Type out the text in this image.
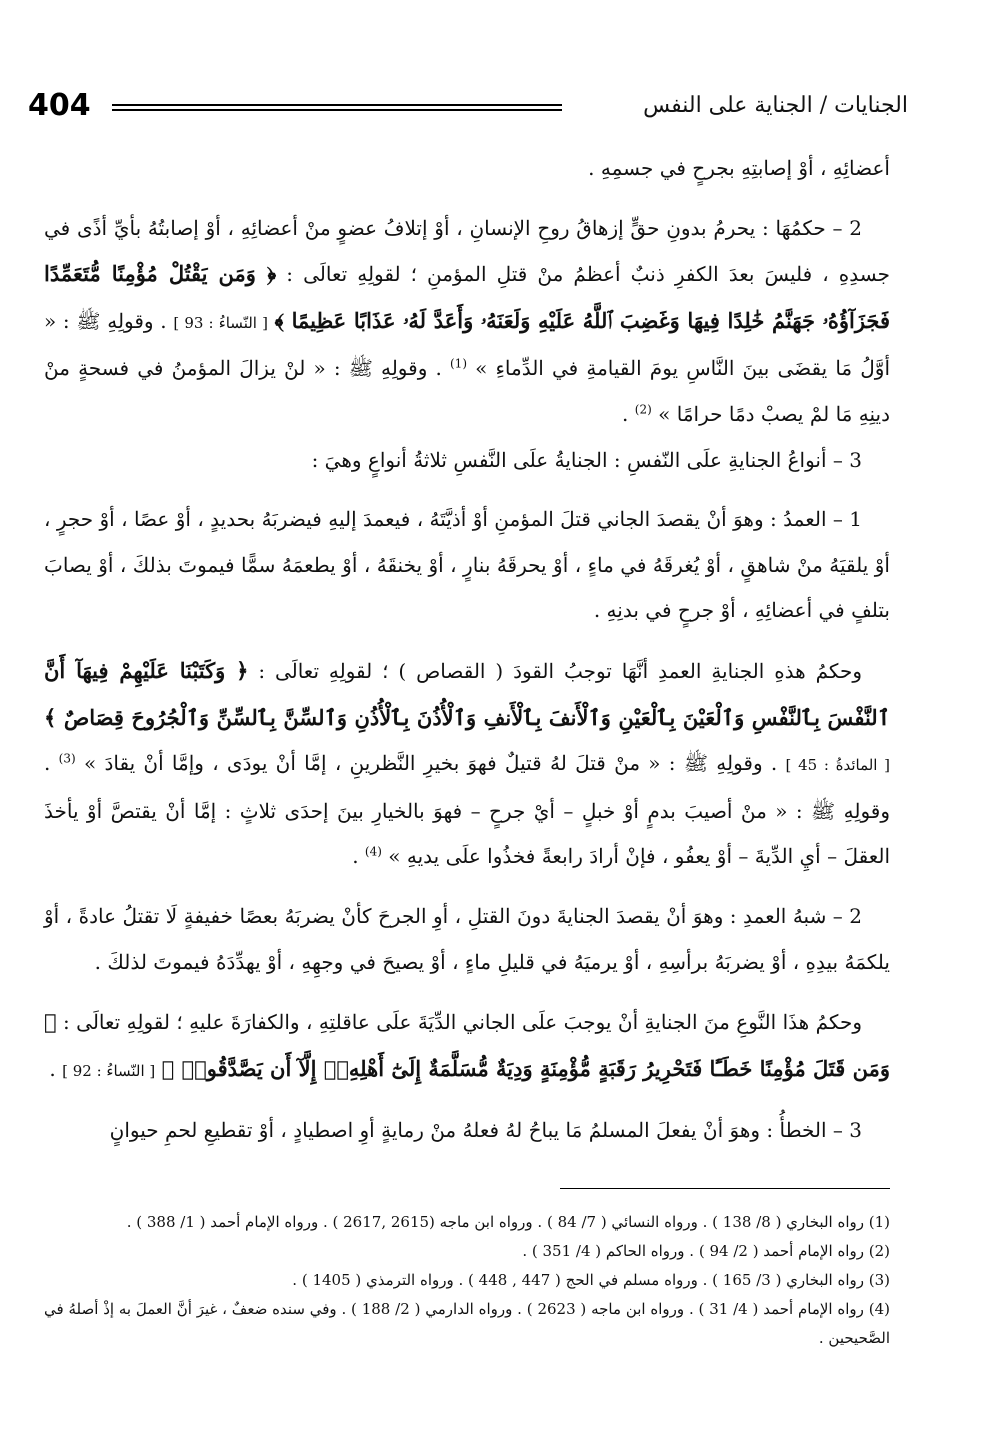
404	الجنايات / الجناية على النفس

أعضائِهِ ، أوْ إصابتِهِ بجرحٍ في جسمِهِ .

2 – حكمُهَا : يحرمُ بدونِ حقٍّ إزهاقُ روحِ الإنسانِ ، أوْ إتلافُ عضوٍ منْ أعضائِهِ ، أوْ إصابتُهُ بأيِّ أذًى في جسدِهِ ، فليسَ بعدَ الكفرِ ذنبٌ أعظمُ منْ قتلِ المؤمنِ ؛ لقولِهِ تعالَى : ﴿ وَمَن يَقْتُلْ مُؤْمِنًا مُّتَعَمِّدًا فَجَزَآؤُهُۥ جَهَنَّمُ خَٰلِدًا فِيهَا وَغَضِبَ ٱللَّهُ عَلَيْهِ وَلَعَنَهُۥ وَأَعَدَّ لَهُۥ عَذَابًا عَظِيمًا ﴾ [ النّساءُ : 93 ] . وقولِهِ ﷺ : « أوَّلُ مَا يقضَى بينَ النَّاسِ يومَ القيامةِ في الدِّماءِ » $^{(1)}$ . وقولِهِ ﷺ : « لنْ يزالَ المؤمنُ في فسحةٍ منْ دينِهِ مَا لمْ يصبْ دمًا حرامًا » $^{(2)}$ .

3 – أنواعُ الجنايةِ علَى النّفسِ : الجنايةُ علَى النَّفسِ ثلاثةُ أنواعٍ وهيَ :

1 – العمدُ : وهوَ أنْ يقصدَ الجاني قتلَ المؤمنِ أوْ أذيَّتَهُ ، فيعمدَ إليهِ فيضربَهُ بحديدٍ ، أوْ عصًا ، أوْ حجرٍ ، أوْ يلقيَهُ منْ شاهقٍ ، أوْ يُغرقَهُ في ماءٍ ، أوْ يحرقَهُ بنارٍ ، أوْ يخنقَهُ ، أوْ يطعمَهُ سمًّا فيموتَ بذلكَ ، أوْ يصابَ بتلفٍ في أعضائِهِ ، أوْ جرحٍ في بدنِهِ .

وحكمُ هذهِ الجنايةِ العمدِ أنَّهَا توجبُ القودَ ( القصاص ) ؛ لقولِهِ تعالَى : ﴿ وَكَتَبْنَا عَلَيْهِمْ فِيهَآ أَنَّ ٱلنَّفْسَ بِٱلنَّفْسِ وَٱلْعَيْنَ بِٱلْعَيْنِ وَٱلْأَنفَ بِٱلْأَنفِ وَٱلْأُذُنَ بِٱلْأُذُنِ وَٱلسِّنَّ بِٱلسِّنِّ وَٱلْجُرُوحَ قِصَاصٌ ﴾ [ المائدةُ : 45 ] . وقولِهِ ﷺ : « منْ قتلَ لهُ قتيلٌ فهوَ بخيرِ النَّظرينِ ، إمَّا أنْ يودَى ، وإمَّا أنْ يقادَ » $^{(3)}$ . وقولِهِ ﷺ : « منْ أصيبَ بدمٍ أوْ خبلٍ – أيْ جرحٍ – فهوَ بالخيارِ بينَ إحدَى ثلاثٍ : إمَّا أنْ يقتصَّ أوْ يأخذَ العقلَ – أيِ الدِّيةَ – أوْ يعفُو ، فإنْ أرادَ رابعةً فخذُوا علَى يديهِ » $^{(4)}$ .

2 – شبهُ العمدِ : وهوَ أنْ يقصدَ الجنايةَ دونَ القتلِ ، أوِ الجرحَ كأنْ يضربَهُ بعصًا خفيفةٍ لَا تقتلُ عادةً ، أوْ يلكمَهُ بيدِهِ ، أوْ يضربَهُ برأسِهِ ، أوْ يرميَهُ في قليلِ ماءٍ ، أوْ يصيحَ في وجهِهِ ، أوْ يهدِّدَهُ فيموتَ لذلكَ .

وحكمُ هذَا النَّوعِ منَ الجنايةِ أنْ يوجبَ علَى الجاني الدِّيَةَ علَى عاقلتِهِ ، والكفارَةَ عليهِ ؛ لقولِهِ تعالَى : ﴿ وَمَن قَتَلَ مُؤْمِنًا خَطَـًٔا فَتَحْرِيرُ رَقَبَةٍ مُّؤْمِنَةٍ وَدِيَةٌ مُّسَلَّمَةٌ إِلَىٰٓ أَهْلِهِۦٓ إِلَّآ أَن يَصَّدَّقُوا۟ ﴾ [ النّساءُ : 92 ] .

3 – الخطأُ : وهوَ أنْ يفعلَ المسلمُ مَا يباحُ لهُ فعلهُ منْ رمايةٍ أوِ اصطيادٍ ، أوْ تقطيعِ لحمِ حيوانٍ

(1) رواه البخاري ( 8/ 138 ) . ورواه النسائي ( 7/ 84 ) . ورواه ابن ماجه (2615 ,2617 ) . ورواه الإمام أحمد ( 1/ 388 ) .

(2) رواه الإمام أحمد ( 2/ 94 ) . ورواه الحاكم ( 4/ 351 ) .

(3) رواه البخاري ( 3/ 165 ) . ورواه مسلم في الحج ( 447 , 448 ) . ورواه الترمذي ( 1405 ) .

(4) رواه الإمام أحمد ( 4/ 31 ) . ورواه ابن ماجه ( 2623 ) . ورواه الدارمي ( 2/ 188 ) . وفي سنده ضعفٌ ، غيرَ أنَّ العملَ به إذْ أصلهُ في الصَّحيحين .
